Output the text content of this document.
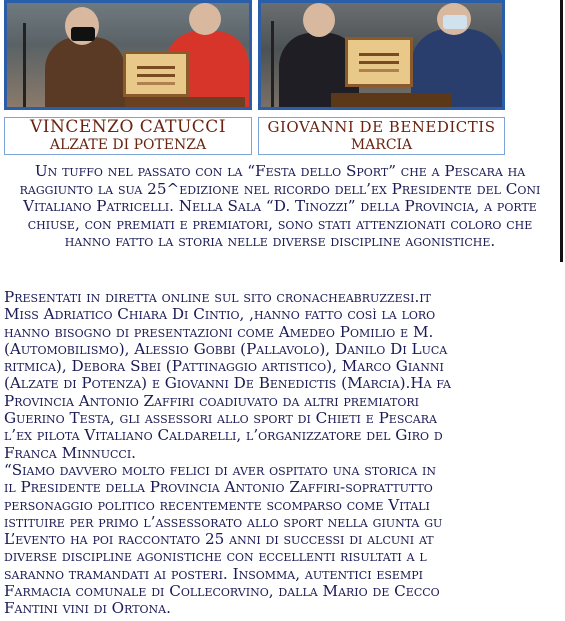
VINCENZO CATUCCI
ALZATE DI POTENZA
GIOVANNI DE BENEDICTIS
MARCIA

Un tuffo nel passato con la “Festa dello Sport” che a Pescara ha raggiunto la sua 25^edizione nel ricordo dell’ex Presidente del Coni Vitaliano Patricelli. Nella Sala “D. Tinozzi” della Provincia, a porte chiuse, con premiati e premiatori, sono stati attenzionati coloro che hanno fatto la storia nelle diverse discipline agonistiche.

Presentati in diretta online sul sito cronacheabruzzesi.it
Miss Adriatico Chiara Di Cintio, ,hanno fatto così la loro
hanno bisogno di presentazioni come Amedeo Pomilio e M.
(Automobilismo), Alessio Gobbi (Pallavolo), Danilo Di Luca
ritmica), Debora Sbei (Pattinaggio artistico), Marco Gianni
(Alzate di Potenza) e Giovanni De Benedictis (Marcia).Ha fa
Provincia Antonio Zaffiri coadiuvato da altri premiatori
Guerino Testa, gli assessori allo sport di Chieti e Pescara
l’ex pilota Vitaliano Caldarelli, l’organizzatore del Giro d
Franca Minnucci.
“Siamo davvero molto felici di aver ospitato una storica in
il Presidente della Provincia Antonio Zaffiri-soprattutto
personaggio politico recentemente scomparso come Vitali
istituire per primo l’assessorato allo sport nella giunta gu
L’evento ha poi raccontato 25 anni di successi di alcuni at
diverse discipline agonistiche con eccellenti risultati a l
saranno tramandati ai posteri. Insomma, autentici esempi
Farmacia comunale di Collecorvino, dalla Mario de Cecco
Fantini vini di Ortona.
